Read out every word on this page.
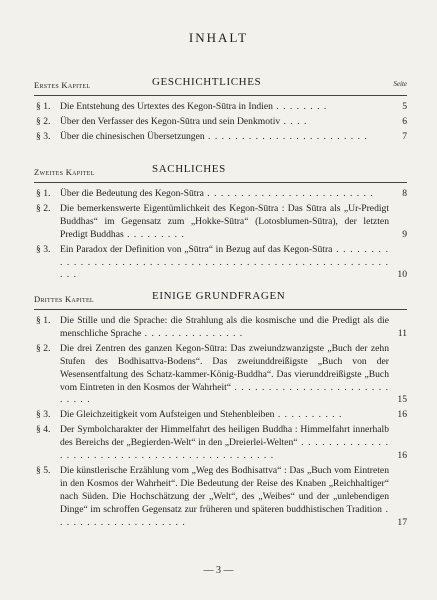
INHALT
Erstes Kapitel	GESCHICHTLICHES	Seite
§ 1. Die Entstehung des Urtextes des Kegon-Sūtra in Indien . . . . . . . .	5
§ 2. Über den Verfasser des Kegon-Sūtra und sein Denkmotiv . . . .	6
§ 3. Über die chinesischen Übersetzungen . . . . . . . . . . . . . . . . . . . . . . . .	7
Zweites Kapitel	SACHLICHES
§ 1. Über die Bedeutung des Kegon-Sūtra . . . . . . . . . . . . . . . . . . . . . . . . .	8
§ 2. Die bemerkenswerte Eigentümlichkeit des Kegon-Sūtra : Das Sūtra als „Ur-Predigt Buddhas“ im Gegensatz zum „Hokke-Sūtra“ (Lotosblumen-Sūtra), der letzten Predigt Buddhas . . . . . . . . .	9
§ 3. Ein Paradox der Definition von „Sūtra“ in Bezug auf das Kegon-Sūtra . . . . . . . . . . . . . . . . . . . . . . . . . . . . . . . . . . . . . . . . . . . . . . . . . . . . . . . . . . .	10
Drittes Kapitel	EINIGE GRUNDFRAGEN
§ 1. Die Stille und die Sprache: die Strahlung als die kosmische und die Predigt als die menschliche Sprache . . . . . . . . . . . . . . .	11
§ 2. Die drei Zentren des ganzen Kegon-Sūtra: Das zweiundzwanzigste „Buch der zehn Stufen des Bodhisattva-Bodens“. Das zweiunddreißigste „Buch von der Wesensentfaltung des Schatz-kammer-König-Buddha“. Das vierunddreißigste „Buch vom Eintreten in den Kosmos der Wahrheit“ . . . . . . . . . . . . . . . . . . . . . . . . . . . .	15
§ 3. Die Gleichzeitigkeit vom Aufsteigen und Stehenbleiben . . . . . . . . . .	16
§ 4. Der Symbolcharakter der Himmelfahrt des heiligen Buddha : Himmelfahrt innerhalb des Bereichs der „Begierden-Welt“ in den „Dreierlei-Welten“ . . . . . . . . . . . . . . . . . . . . . . . . . . . . . . . . . . . . . . . . . . . . .	16
§ 5. Die künstlerische Erzählung vom „Weg des Bodhisattva“ : Das „Buch vom Eintreten in den Kosmos der Wahrheit“. Die Bedeutung der Reise des Knaben „Reichhaltiger“ nach Süden. Die Hochschätzung der „Welt“, des „Weibes“ und der „unlebendigen Dinge“ im schroffen Gegensatz zur früheren und späteren buddhistischen Tradition . . . . . . . . . . . . . . . . . . . .	17
— 3 —
